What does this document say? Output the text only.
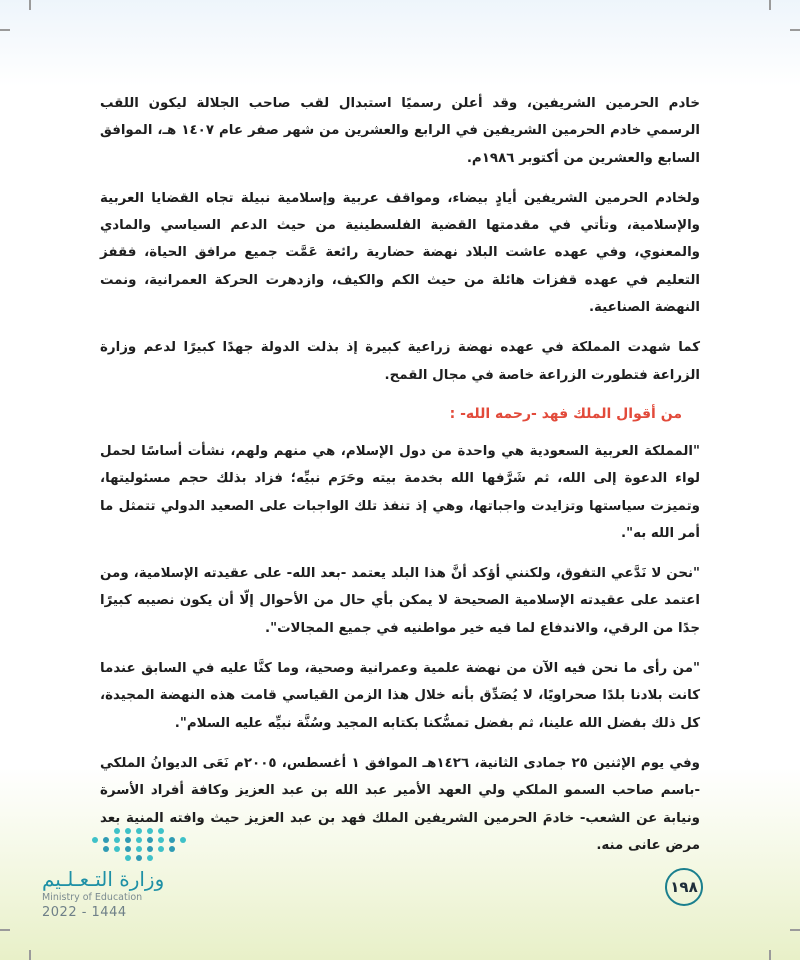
خادم الحرمين الشريفين، وقد أعلن رسميًا استبدال لقب صاحب الجلالة ليكون اللقب الرسمي خادم الحرمين الشريفين في الرابع والعشرين من شهر صفر عام ١٤٠٧ هـ، الموافق السابع والعشرين من أكتوبر ١٩٨٦م.

ولخادم الحرمين الشريفين أيادٍ بيضاء، ومواقف عربية وإسلامية نبيلة تجاه القضايا العربية والإسلامية، وتأتي في مقدمتها القضية الفلسطينية من حيث الدعم السياسي والمادي والمعنوي، وفي عهده عاشت البلاد نهضة حضارية رائعة عَمَّت جميع مرافق الحياة، فقفز التعليم في عهده قفزات هائلة من حيث الكم والكيف، وازدهرت الحركة العمرانية، ونمت النهضة الصناعية.

كما شهدت المملكة في عهده نهضة زراعية كبيرة إذ بذلت الدولة جهدًا كبيرًا لدعم وزارة الزراعة فتطورت الزراعة خاصة في مجال القمح.

من أقوال الملك فهد -رحمه الله- :

"المملكة العربية السعودية هي واحدة من دول الإسلام، هي منهم ولهم، نشأت أساسًا لحمل لواء الدعوة إلى الله، ثم شَرَّفها الله بخدمة بيته وحَرَم نبيِّه؛ فزاد بذلك حجم مسئوليتها، وتميزت سياستها وتزايدت واجباتها، وهي إذ تنفذ تلك الواجبات على الصعيد الدولي تتمثل ما أمر الله به".

"نحن لا نَدَّعي التفوق، ولكنني أؤكد أنَّ هذا البلد يعتمد -بعد الله- على عقيدته الإسلامية، ومن اعتمد على عقيدته الإسلامية الصحيحة لا يمكن بأي حال من الأحوال إلّا أن يكون نصيبه كبيرًا جدًا من الرقي، والاندفاع لما فيه خير مواطنيه في جميع المجالات".

"من رأى ما نحن فيه الآن من نهضة علمية وعمرانية وصحية، وما كنَّا عليه في السابق عندما كانت بلادنا بلدًا صحراويًا، لا يُصَدِّق بأنه خلال هذا الزمن القياسي قامت هذه النهضة المجيدة، كل ذلك بفضل الله علينا، ثم بفضل تمسُّكنا بكتابه المجيد وسُنَّة نبيِّه عليه السلام".

وفي يوم الإثنين ٢٥ جمادى الثانية، ١٤٢٦هـ الموافق ١ أغسطس، ٢٠٠٥م نَعَى الديوانُ الملكي -باسم صاحب السمو الملكي ولي العهد الأمير عبد الله بن عبد العزيز وكافة أفراد الأسرة ونيابة عن الشعب- خادمَ الحرمين الشريفين الملك فهد بن عبد العزيز حيث وافته المنية بعد مرض عانى منه.

وزارة التـعـلـيم
Ministry of Education
2022 - 1444
١٩٨
